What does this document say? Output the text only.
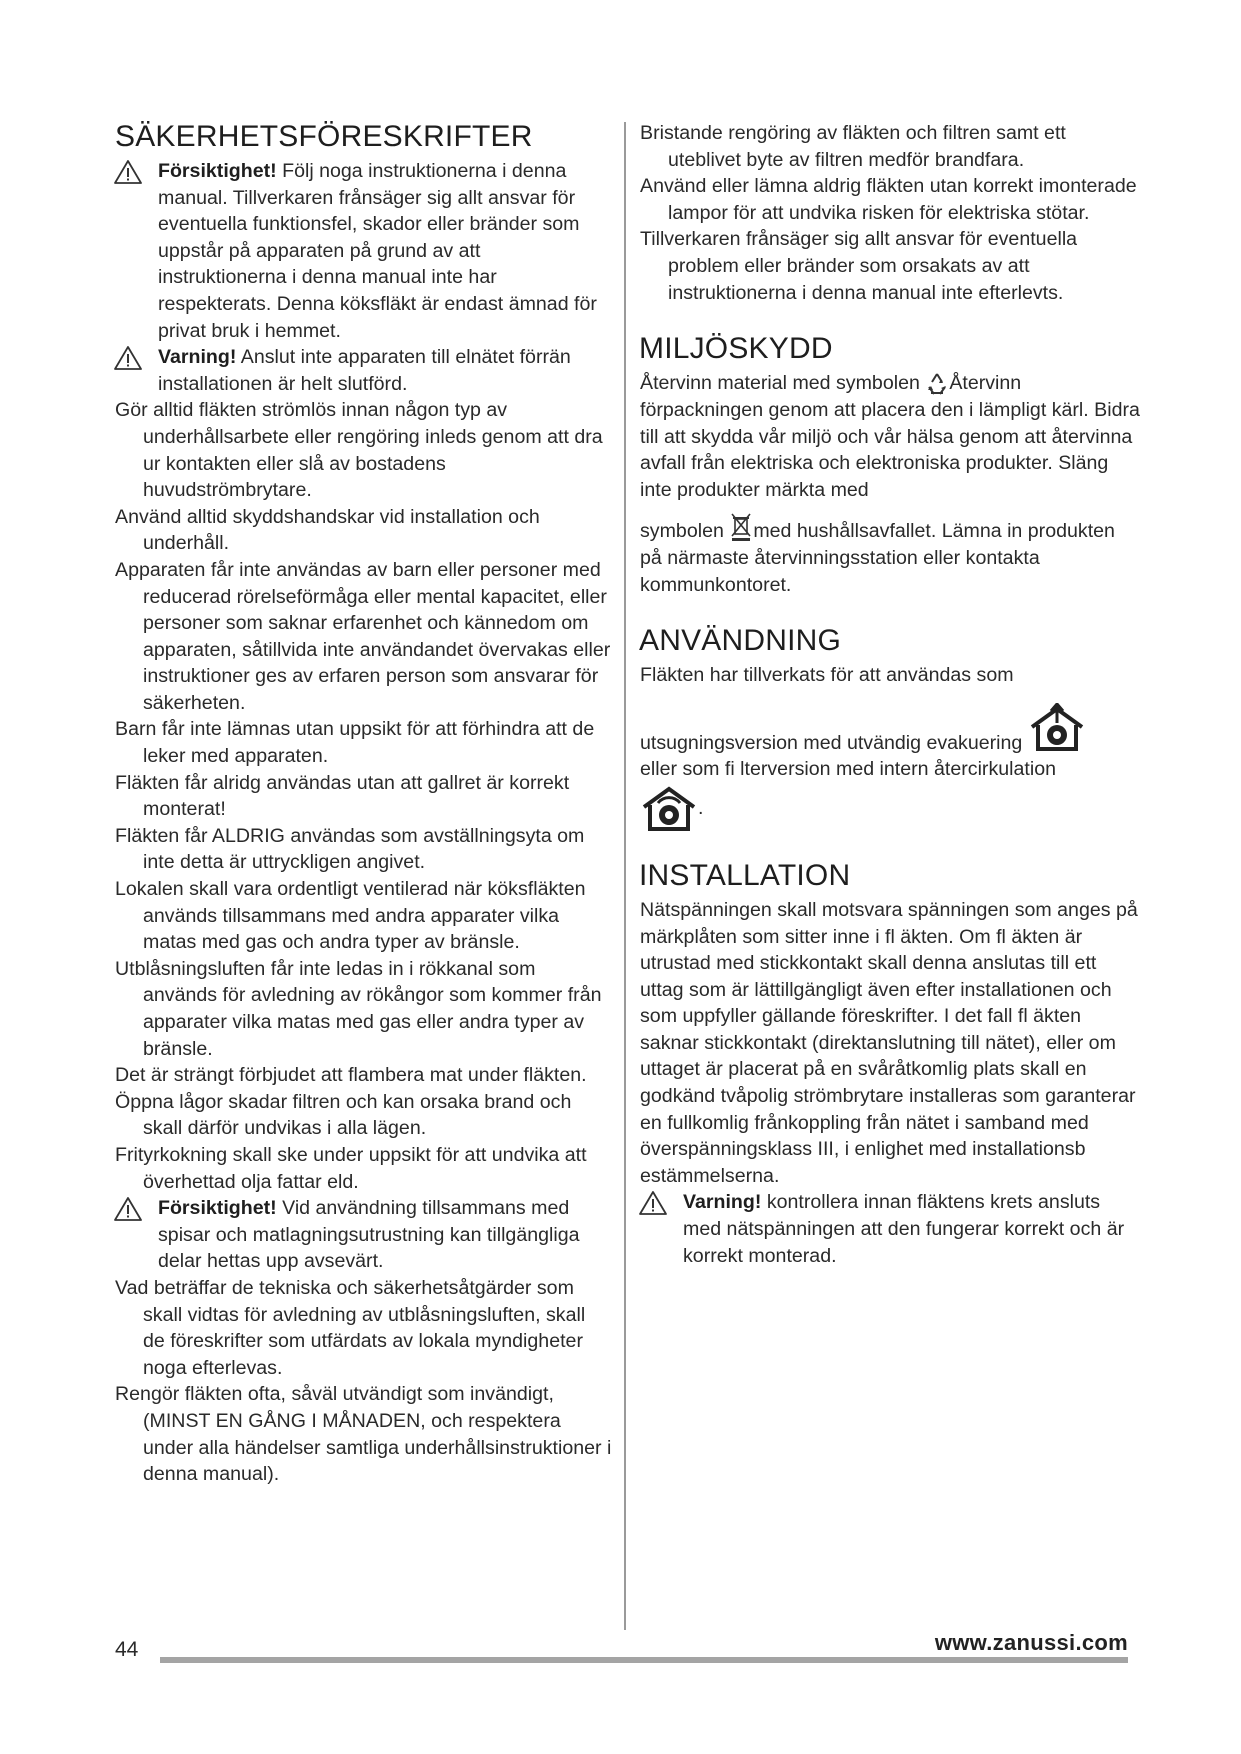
SÄKERHETSFÖRESKRIFTER
Försiktighet! Följ noga instruktionerna i denna manual. Tillverkaren frånsäger sig allt ansvar för eventuella funktionsfel, skador eller bränder som uppstår på apparaten på grund av att instruktionerna i denna manual inte har respekterats. Denna köksfläkt är endast ämnad för privat bruk i hemmet.
Varning! Anslut inte apparaten till elnätet förrän installationen är helt slutförd.

Gör alltid fläkten strömlös innan någon typ av underhållsarbete eller rengöring inleds genom att dra ur kontakten eller slå av bostadens huvudströmbrytare.

Använd alltid skyddshandskar vid installation och underhåll.

Apparaten får inte användas av barn eller personer med reducerad rörelseförmåga eller mental kapacitet, eller personer som saknar erfarenhet och kännedom om apparaten, såtillvida inte användandet övervakas eller instruktioner ges av erfaren person som ansvarar för säkerheten.

Barn får inte lämnas utan uppsikt för att förhindra att de leker med apparaten.

Fläkten får alridg användas utan att gallret är korrekt monterat!

Fläkten får ALDRIG användas som avställningsyta om inte detta är uttryckligen angivet.

Lokalen skall vara ordentligt ventilerad när köksfläkten används tillsammans med andra apparater vilka matas med gas och andra typer av bränsle.

Utblåsningsluften får inte ledas in i rökkanal som används för avledning av rökångor som kommer från apparater vilka matas med gas eller andra typer av bränsle.

Det är strängt förbjudet att flambera mat under fläkten.

Öppna lågor skadar filtren och kan orsaka brand och skall därför undvikas i alla lägen.

Frityrkokning skall ske under uppsikt för att undvika att överhettad olja fattar eld.

Försiktighet! Vid användning tillsammans med spisar och matlagningsutrustning kan tillgängliga delar hettas upp avsevärt.

Vad beträffar de tekniska och säkerhetsåtgärder som skall vidtas för avledning av utblåsningsluften, skall de föreskrifter som utfärdats av lokala myndigheter noga efterlevas.

Rengör fläkten ofta, såväl utvändigt som invändigt, (MINST EN GÅNG I MÅNADEN, och respektera under alla händelser samtliga underhållsinstruktioner i denna manual).

Bristande rengöring av fläkten och filtren samt ett uteblivet byte av filtren medför brandfara.

Använd eller lämna aldrig fläkten utan korrekt imonterade lampor för att undvika risken för elektriska stötar.

Tillverkaren frånsäger sig allt ansvar för eventuella problem eller bränder som orsakats av att instruktionerna i denna manual inte efterlevts.

MILJÖSKYDD

Återvinn material med symbolen Återvinn förpackningen genom att placera den i lämpligt kärl. Bidra till att skydda vår miljö och vår hälsa genom att återvinna avfall från elektriska och elektroniska produkter. Släng inte produkter märkta med

symbolen med hushållsavfallet. Lämna in produkten på närmaste återvinningsstation eller kontakta kommunkontoret.

ANVÄNDNING

Fläkten har tillverkats för att användas som

utsugningsversion med utvändig evakuering

eller som fi lterversion med intern återcirkulation

.

INSTALLATION

Nätspänningen skall motsvara spänningen som anges på märkplåten som sitter inne i fl äkten. Om fl äkten är utrustad med stickkontakt skall denna anslutas till ett uttag som är lättillgängligt även efter installationen och som uppfyller gällande föreskrifter. I det fall fl äkten saknar stickkontakt (direktanslutning till nätet), eller om uttaget är placerat på en svåråtkomlig plats skall en godkänd tvåpolig strömbrytare installeras som garanterar en fullkomlig frånkoppling från nätet i samband med överspänningsklass III, i enlighet med installationsb estämmelserna.

Varning! kontrollera innan fläktens krets ansluts med nätspänningen att den fungerar korrekt och är korrekt monterad.
44	www.zanussi.com
